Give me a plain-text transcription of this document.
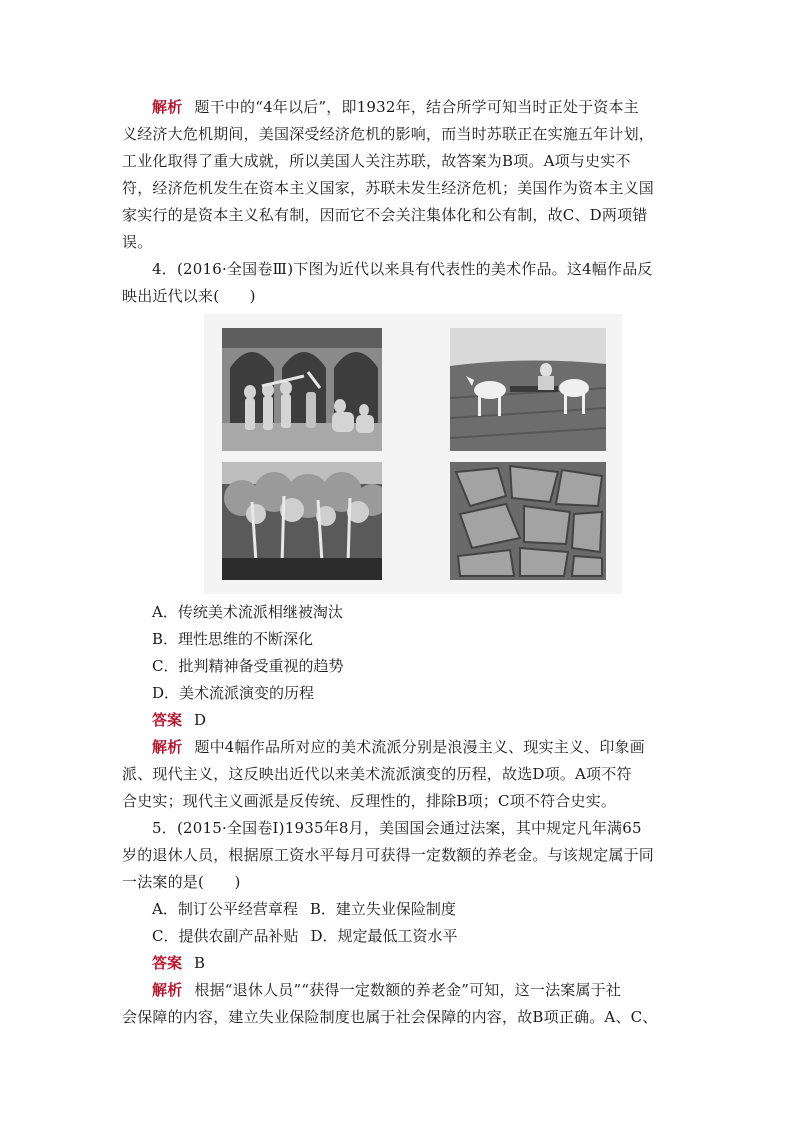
解析 题干中的“4年以后”，即1932年，结合所学可知当时正处于资本主
义经济大危机期间，美国深受经济危机的影响，而当时苏联正在实施五年计划，
工业化取得了重大成就，所以美国人关注苏联，故答案为B项。A项与史实不
符，经济危机发生在资本主义国家，苏联未发生经济危机；美国作为资本主义国
家实行的是资本主义私有制，因而它不会关注集体化和公有制，故C、D两项错
误。
4．(2016·全国卷Ⅲ)下图为近代以来具有代表性的美术作品。这4幅作品反
映出近代以来(　　)
A．传统美术流派相继被淘汰
B．理性思维的不断深化
C．批判精神备受重视的趋势
D．美术流派演变的历程
答案 D
解析 题中4幅作品所对应的美术流派分别是浪漫主义、现实主义、印象画
派、现代主义，这反映出近代以来美术流派演变的历程，故选D项。A项不符
合史实；现代主义画派是反传统、反理性的，排除B项；C项不符合史实。
5．(2015·全国卷Ⅰ)1935年8月，美国国会通过法案，其中规定凡年满65
岁的退休人员，根据原工资水平每月可获得一定数额的养老金。与该规定属于同
一法案的是(　　)
A．制订公平经营章程 B．建立失业保险制度
C．提供农副产品补贴 D．规定最低工资水平
答案 B
解析 根据“退休人员”“获得一定数额的养老金”可知，这一法案属于社
会保障的内容，建立失业保险制度也属于社会保障的内容，故B项正确。A、C、
